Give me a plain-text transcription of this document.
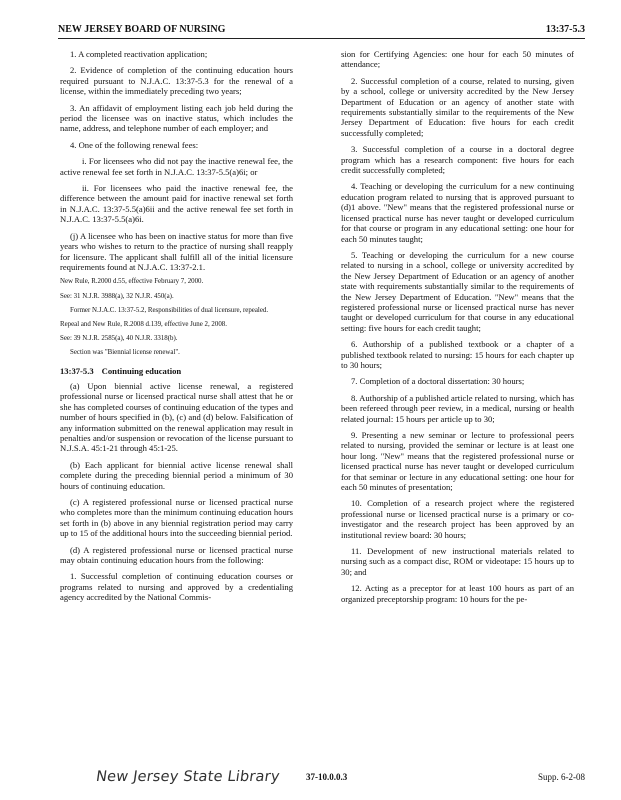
NEW JERSEY BOARD OF NURSING	13:37-5.3

1. A completed reactivation application;

2. Evidence of completion of the continuing education hours required pursuant to N.J.A.C. 13:37-5.3 for the renewal of a license, within the immediately preceding two years;

3. An affidavit of employment listing each job held during the period the licensee was on inactive status, which includes the name, address, and telephone number of each employer; and

4. One of the following renewal fees:

i. For licensees who did not pay the inactive renewal fee, the active renewal fee set forth in N.J.A.C. 13:37-5.5(a)6i; or

ii. For licensees who paid the inactive renewal fee, the difference between the amount paid for inactive renewal set forth in N.J.A.C. 13:37-5.5(a)6ii and the active renewal fee set forth in N.J.A.C. 13:37-5.5(a)6i.

(j) A licensee who has been on inactive status for more than five years who wishes to return to the practice of nursing shall reapply for licensure. The applicant shall fulfill all of the initial licensure requirements found at N.J.A.C. 13:37-2.1.

New Rule, R.2000 d.55, effective February 7, 2000.

See: 31 N.J.R. 3988(a), 32 N.J.R. 450(a).

Former N.J.A.C. 13:37-5.2, Responsibilities of dual licensure, repealed.

Repeal and New Rule, R.2008 d.139, effective June 2, 2008.

See: 39 N.J.R. 2585(a), 40 N.J.R. 3318(b).

Section was "Biennial license renewal".

13:37-5.3 Continuing education

(a) Upon biennial active license renewal, a registered professional nurse or licensed practical nurse shall attest that he or she has completed courses of continuing education of the types and number of hours specified in (b), (c) and (d) below. Falsification of any information submitted on the renewal application may result in penalties and/or suspension or revocation of the license pursuant to N.J.S.A. 45:1-21 through 45:1-25.

(b) Each applicant for biennial active license renewal shall complete during the preceding biennial period a minimum of 30 hours of continuing education.

(c) A registered professional nurse or licensed practical nurse who completes more than the minimum continuing education hours set forth in (b) above in any biennial registration period may carry up to 15 of the additional hours into the succeeding biennial period.

(d) A registered professional nurse or licensed practical nurse may obtain continuing education hours from the following:

1. Successful completion of continuing education courses or programs related to nursing and approved by a credentialing agency accredited by the National Commis-

sion for Certifying Agencies: one hour for each 50 minutes of attendance;

2. Successful completion of a course, related to nursing, given by a school, college or university accredited by the New Jersey Department of Education or an agency of another state with requirements substantially similar to the requirements of the New Jersey Department of Education: five hours for each credit successfully completed;

3. Successful completion of a course in a doctoral degree program which has a research component: five hours for each credit successfully completed;

4. Teaching or developing the curriculum for a new continuing education program related to nursing that is approved pursuant to (d)1 above. "New" means that the registered professional nurse or licensed practical nurse has never taught or developed curriculum for that course or program in any educational setting: one hour for each 50 minutes taught;

5. Teaching or developing the curriculum for a new course related to nursing in a school, college or university accredited by the New Jersey Department of Education or an agency of another state with requirements substantially similar to the requirements of the New Jersey Department of Education. "New" means that the registered professional nurse or licensed practical nurse has never taught or developed curriculum for that course in any educational setting: five hours for each credit taught;

6. Authorship of a published textbook or a chapter of a published textbook related to nursing: 15 hours for each chapter up to 30 hours;

7. Completion of a doctoral dissertation: 30 hours;

8. Authorship of a published article related to nursing, which has been refereed through peer review, in a medical, nursing or health related journal: 15 hours per article up to 30;

9. Presenting a new seminar or lecture to professional peers related to nursing, provided the seminar or lecture is at least one hour long. "New" means that the registered professional nurse or licensed practical nurse has never taught or developed curriculum for that seminar or lecture in any educational setting: one hour for each 50 minutes of presentation;

10. Completion of a research project where the registered professional nurse or licensed practical nurse is a primary or co-investigator and the research project has been approved by an institutional review board: 30 hours;

11. Development of new instructional materials related to nursing such as a compact disc, ROM or videotape: 15 hours up to 30; and

12. Acting as a preceptor for at least 100 hours as part of an organized preceptorship program: 10 hours for the pe-

New Jersey State Library	37-10.0.0.3	Supp. 6-2-08
